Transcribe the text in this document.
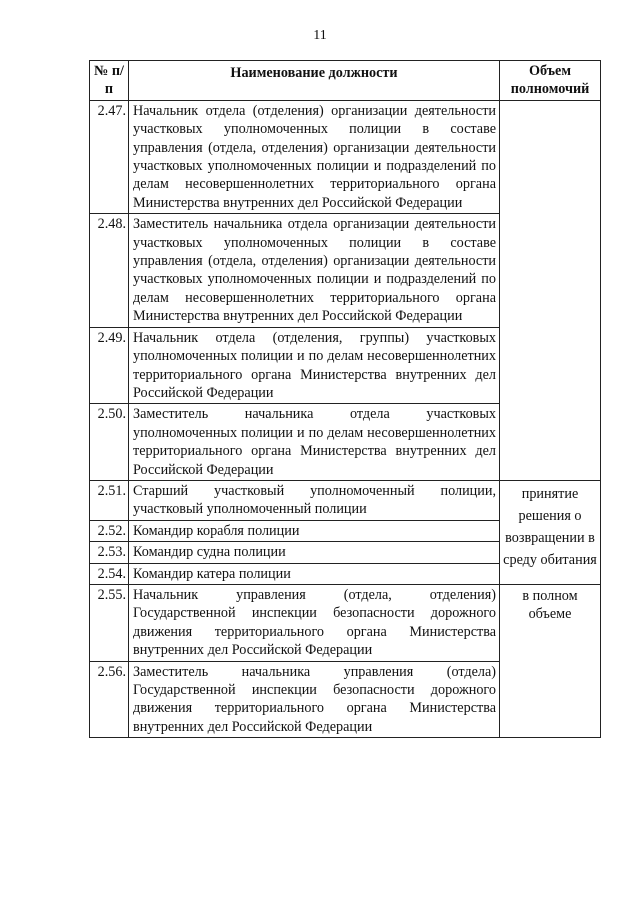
11
№ п/п	Наименование должности	Объем полномочий
2.47.	Начальник отдела (отделения) организации деятельности участковых уполномоченных полиции в составе управления (отдела, отделения) организации деятельности участковых уполномоченных полиции и подразделений по делам несовершеннолетних территориального органа Министерства внутренних дел Российской Федерации	
2.48.	Заместитель начальника отдела организации деятельности участковых уполномоченных полиции в составе управления (отдела, отделения) организации деятельности участковых уполномоченных полиции и подразделений по делам несовершеннолетних территориального органа Министерства внутренних дел Российской Федерации	
2.49.	Начальник отдела (отделения, группы) участковых уполномоченных полиции и по делам несовершеннолетних территориального органа Министерства внутренних дел Российской Федерации	
2.50.	Заместитель начальника отдела участковых уполномоченных полиции и по делам несовершеннолетних территориального органа Министерства внутренних дел Российской Федерации	
2.51.	Старший участковый уполномоченный полиции, участковый уполномоченный полиции	принятие решения о возвращении в среду обитания

2.52.	Командир корабля полиции	
2.53.	Командир судна полиции	
2.54.	Командир катера полиции	
2.55.	Начальник управления (отдела, отделения) Государственной инспекции безопасности дорожного движения территориального органа Министерства внутренних дел Российской Федерации	в полном объеме

2.56.	Заместитель начальника управления (отдела) Государственной инспекции безопасности дорожного движения территориального органа Министерства внутренних дел Российской Федерации	
